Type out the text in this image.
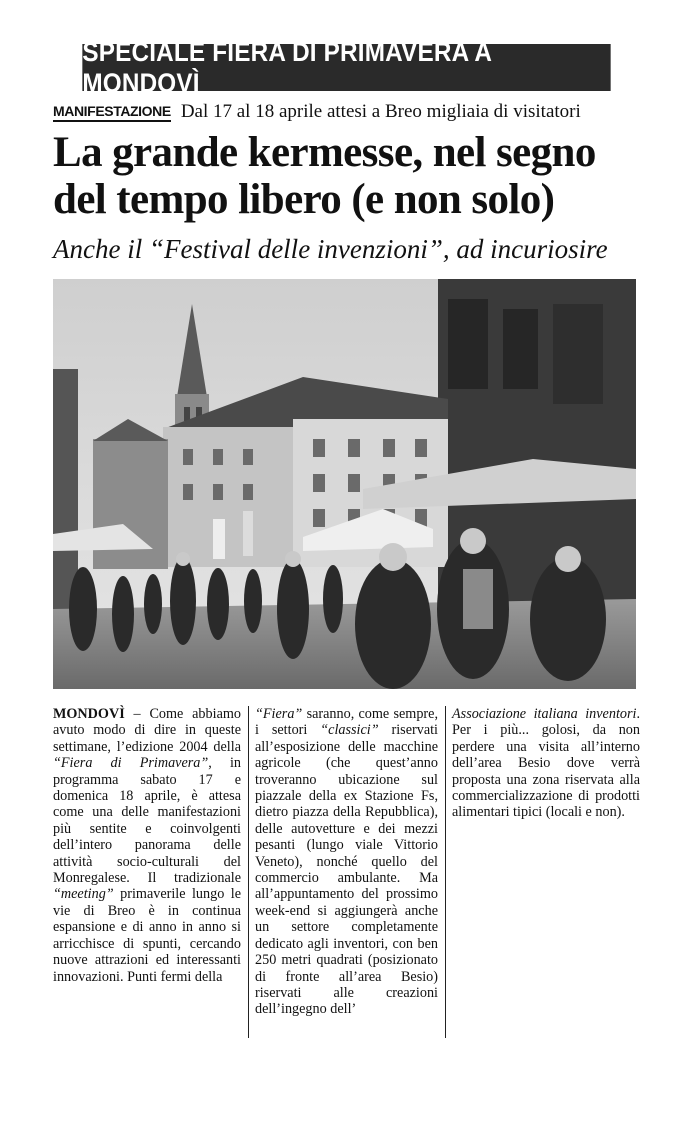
SPECIALE FIERA DI PRIMAVERA A MONDOVÌ
MANIFESTAZIONE Dal 17 al 18 aprile attesi a Breo migliaia di visitatori
La grande kermesse, nel segno
del tempo libero (e non solo)

Anche il “Festival delle invenzioni”, ad incuriosire

MONDOVÌ – Come abbiamo avuto modo di dire in queste settimane, l’edizione 2004 della “Fiera di Primavera”, in programma sabato 17 e domenica 18 aprile, è attesa come una delle manifestazioni più sentite e coinvolgenti dell’intero panorama delle attività socio-culturali del Monregalese. Il tradizionale “meeting” primaverile lungo le vie di Breo è in continua espansione e di anno in anno si arricchisce di spunti, cercando nuove attrazioni ed interessanti innovazioni. Punti fermi della
“Fiera” saranno, come sempre, i settori “classici” riservati all’esposizione delle macchine agricole (che quest’anno troveranno ubicazione sul piazzale della ex Stazione Fs, dietro piazza della Repubblica), delle autovetture e dei mezzi pesanti (lungo viale Vittorio Veneto), nonché quello del commercio ambulante. Ma all’appuntamento del prossimo week-end si aggiungerà anche un settore completamente dedicato agli inventori, con ben 250 metri quadrati (posizionato di fronte all’area Besio) riservati alle creazioni dell’ingegno dell’
Associazione italiana inventori. Per i più... golosi, da non perdere una visita all’interno dell’area Besio dove verrà proposta una zona riservata alla commercializzazione di prodotti alimentari tipici (locali e non).
